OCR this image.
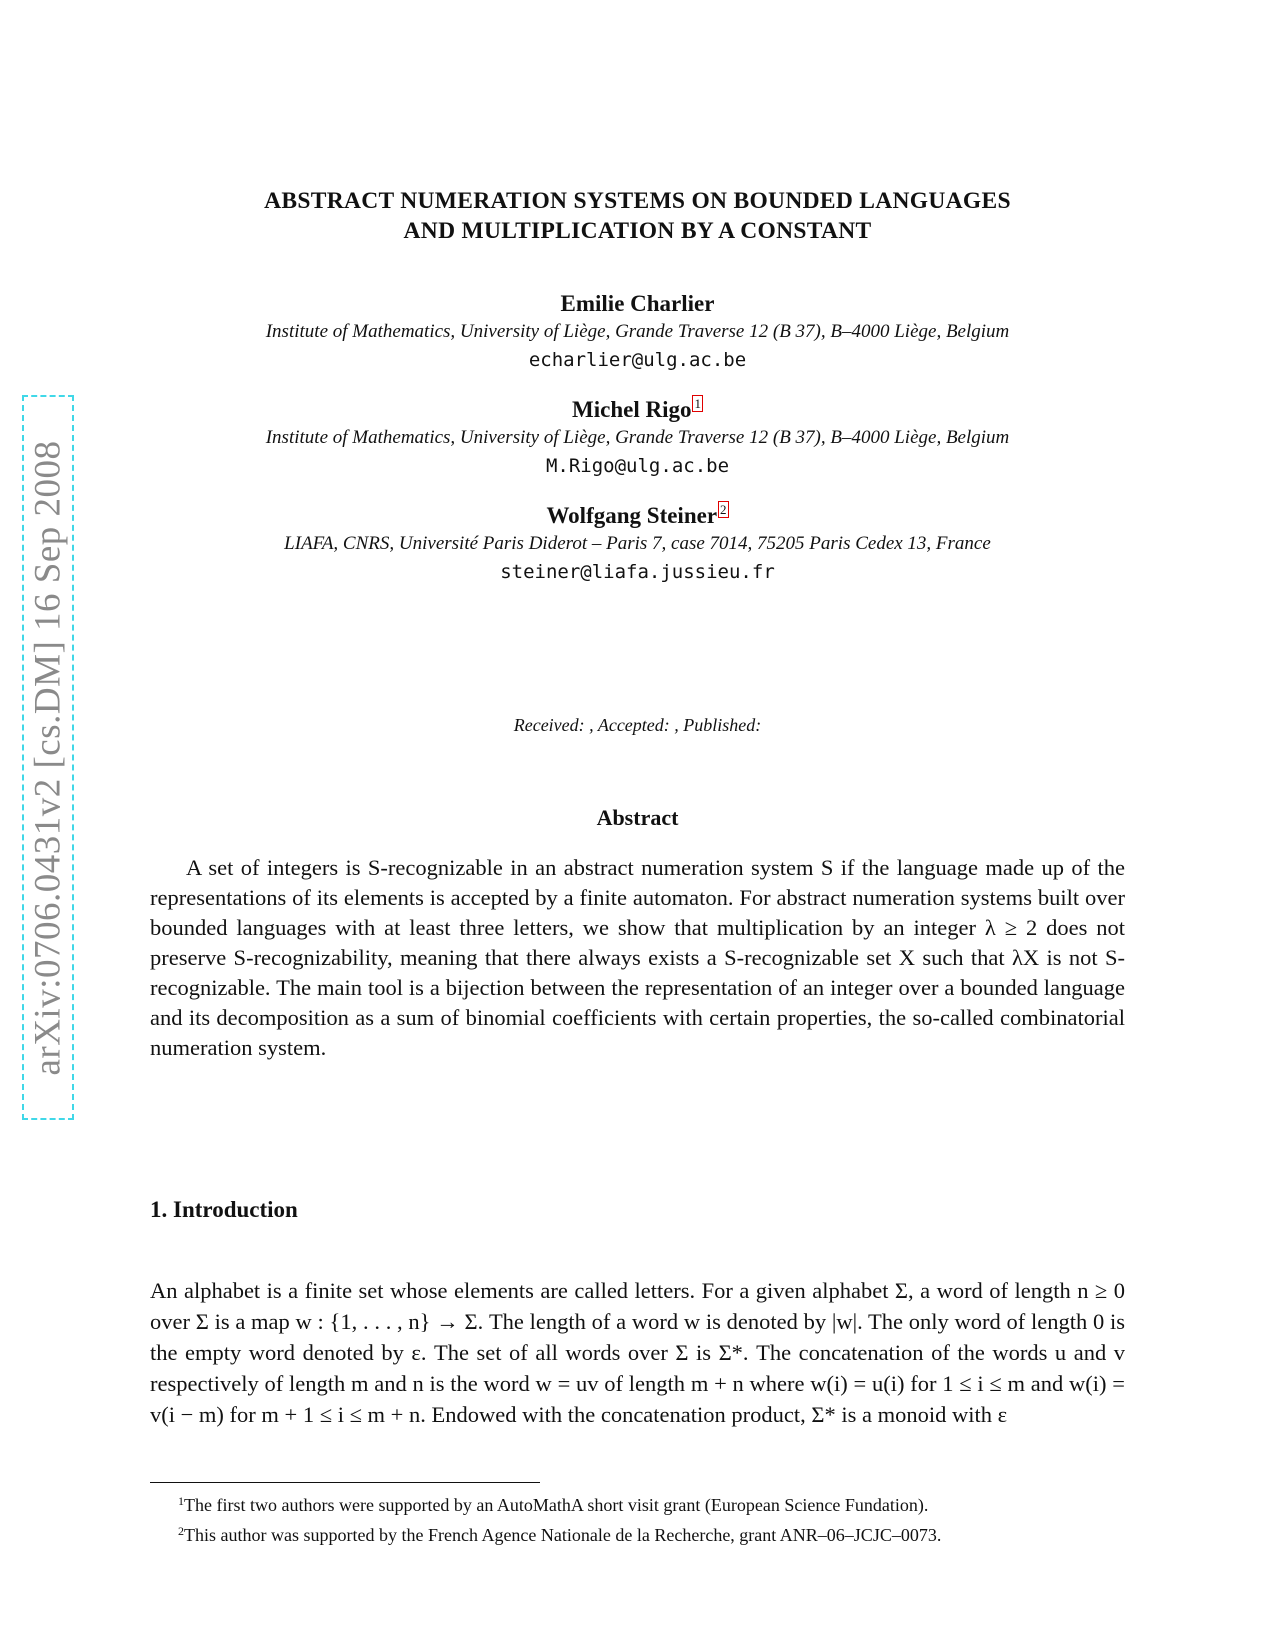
ABSTRACT NUMERATION SYSTEMS ON BOUNDED LANGUAGES
AND MULTIPLICATION BY A CONSTANT
Emilie Charlier
Institute of Mathematics, University of Liège, Grande Traverse 12 (B 37), B–4000 Liège, Belgium
echarlier@ulg.ac.be
Michel Rigo $^1$
Institute of Mathematics, University of Liège, Grande Traverse 12 (B 37), B–4000 Liège, Belgium
M.Rigo@ulg.ac.be
Wolfgang Steiner $^2$
LIAFA, CNRS, Université Paris Diderot – Paris 7, case 7014, 75205 Paris Cedex 13, France
steiner@liafa.jussieu.fr
Received: , Accepted: , Published:
Abstract
A set of integers is S-recognizable in an abstract numeration system S if the language made up of the representations of its elements is accepted by a finite automaton. For abstract numeration systems built over bounded languages with at least three letters, we show that multiplication by an integer λ ≥ 2 does not preserve S-recognizability, meaning that there always exists a S-recognizable set X such that λX is not S-recognizable. The main tool is a bijection between the representation of an integer over a bounded language and its decomposition as a sum of binomial coefficients with certain properties, the so-called combinatorial numeration system.
1. Introduction
An alphabet is a finite set whose elements are called letters. For a given alphabet Σ, a word of length n ≥ 0 over Σ is a map w : {1, . . . , n} → Σ. The length of a word w is denoted by |w|. The only word of length 0 is the empty word denoted by ε. The set of all words over Σ is Σ*. The concatenation of the words u and v respectively of length m and n is the word w = uv of length m + n where w(i) = u(i) for 1 ≤ i ≤ m and w(i) = v(i − m) for m + 1 ≤ i ≤ m + n. Endowed with the concatenation product, Σ* is a monoid with ε
$^1$The first two authors were supported by an AutoMathA short visit grant (European Science Fundation).
$^2$This author was supported by the French Agence Nationale de la Recherche, grant ANR–06–JCJC–0073.
arXiv:0706.0431v2 [cs.DM] 16 Sep 2008
